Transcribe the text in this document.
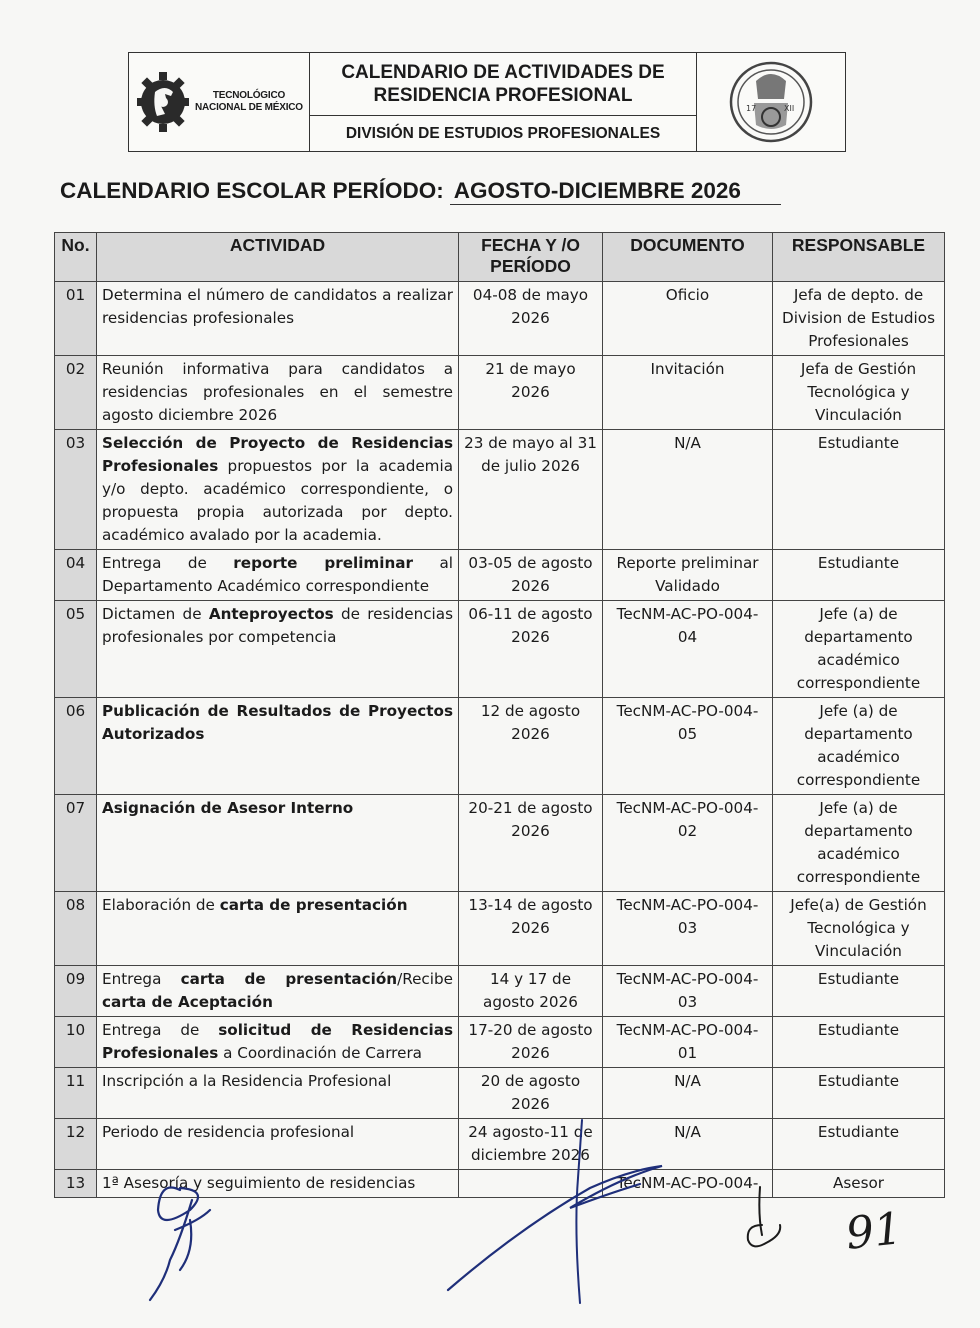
TECNOLÓGICO
NACIONAL DE MÉXICO
CALENDARIO DE ACTIVIDADES DE RESIDENCIA PROFESIONAL
DIVISIÓN DE ESTUDIOS PROFESIONALES
17	XII
CALENDARIO ESCOLAR PERÍODO: AGOSTO-DICIEMBRE 2026
No.	ACTIVIDAD	FECHA Y /O PERÍODO	DOCUMENTO	RESPONSABLE
01	Determina el número de candidatos a realizar residencias profesionales	04-08 de mayo 2026	Oficio	Jefa de depto. de Division de Estudios Profesionales
02	Reunión informativa para candidatos a residencias profesionales en el semestre agosto diciembre 2026	21 de mayo 2026	Invitación	Jefa de Gestión Tecnológica y Vinculación
03	Selección de Proyecto de Residencias Profesionales propuestos por la academia y/o depto. académico correspondiente, o propuesta propia autorizada por depto. académico avalado por la academia.	23 de mayo al 31 de julio 2026	N/A	Estudiante
04	Entrega de reporte preliminar al Departamento Académico correspondiente	03-05 de agosto 2026	Reporte preliminar Validado	Estudiante
05	Dictamen de Anteproyectos de residencias profesionales por competencia	06-11 de agosto 2026	TecNM-AC-PO-004-04	Jefe (a) de departamento académico correspondiente
06	Publicación de Resultados de Proyectos Autorizados	12 de agosto 2026	TecNM-AC-PO-004-05	Jefe (a) de departamento académico correspondiente
07	Asignación de Asesor Interno	20-21 de agosto 2026	TecNM-AC-PO-004-02	Jefe (a) de departamento académico correspondiente
08	Elaboración de carta de presentación	13-14 de agosto 2026	TecNM-AC-PO-004-03	Jefe(a) de Gestión Tecnológica y Vinculación
09	Entrega carta de presentación/Recibe carta de Aceptación	14 y 17 de agosto 2026	TecNM-AC-PO-004-03	Estudiante
10	Entrega de solicitud de Residencias Profesionales a Coordinación de Carrera	17-20 de agosto 2026	TecNM-AC-PO-004-01	Estudiante
11	Inscripción a la Residencia Profesional	20 de agosto 2026	N/A	Estudiante
12	Periodo de residencia profesional	24 agosto-11 de diciembre 2026	N/A	Estudiante
13	1ª Asesoría y seguimiento de residencias		TecNM-AC-PO-004-	Asesor
91
